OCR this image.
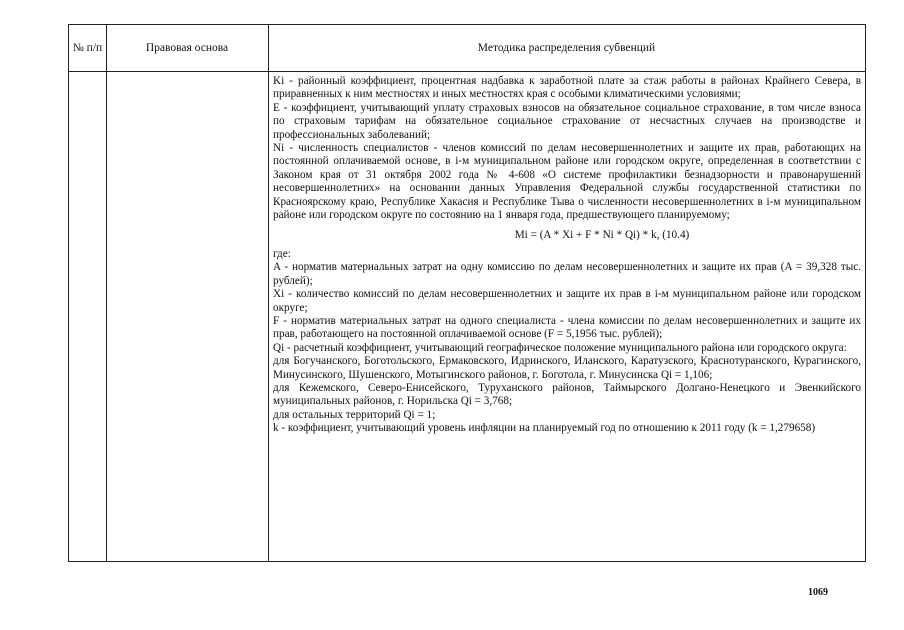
№ п/п	Правовая основа	Методика распределения субвенций

Ki - районный коэффициент, процентная надбавка к заработной плате за стаж работы в районах Крайнего Севера, в приравненных к ним местностях и иных местностях края с особыми климатическими условиями;

E - коэффициент, учитывающий уплату страховых взносов на обязательное социальное страхование, в том числе взноса по страховым тарифам на обязательное социальное страхование от несчастных случаев на производстве и профессиональных заболеваний;

Ni - численность специалистов - членов комиссий по делам несовершеннолетних и защите их прав, работающих на постоянной оплачиваемой основе, в i-м муниципальном районе или городском округе, определенная в соответствии с Законом края от 31 октября 2002 года № 4-608 «О системе профилактики безнадзорности и правонарушений несовершеннолетних» на основании данных Управления Федеральной службы государственной статистики по Красноярскому краю, Республике Хакасия и Республике Тыва о численности несовершеннолетних в i-м муниципальном районе или городском округе по состоянию на 1 января года, предшествующего планируемому;

Mi = (A * Xi + F * Ni * Qi) * k, (10.4)

где:

A - норматив материальных затрат на одну комиссию по делам несовершеннолетних и защите их прав (A = 39,328 тыс. рублей);

Xi - количество комиссий по делам несовершеннолетних и защите их прав в i-м муниципальном районе или городском округе;

F - норматив материальных затрат на одного специалиста - члена комиссии по делам несовершеннолетних и защите их прав, работающего на постоянной оплачиваемой основе (F = 5,1956 тыс. рублей);

Qi - расчетный коэффициент, учитывающий географическое положение муниципального района или городского округа:

для Богучанского, Боготольского, Ермаковского, Идринского, Иланского, Каратузского, Краснотуранского, Курагинского, Минусинского, Шушенского, Мотыгинского районов, г. Боготола, г. Минусинска Qi = 1,106;

для Кежемского, Северо-Енисейского, Туруханского районов, Таймырского Долгано-Ненецкого и Эвенкийского муниципальных районов, г. Норильска Qi = 3,768;

для остальных территорий Qi = 1;

k - коэффициент, учитывающий уровень инфляции на планируемый год по отношению к 2011 году (k = 1,279658)

1069
